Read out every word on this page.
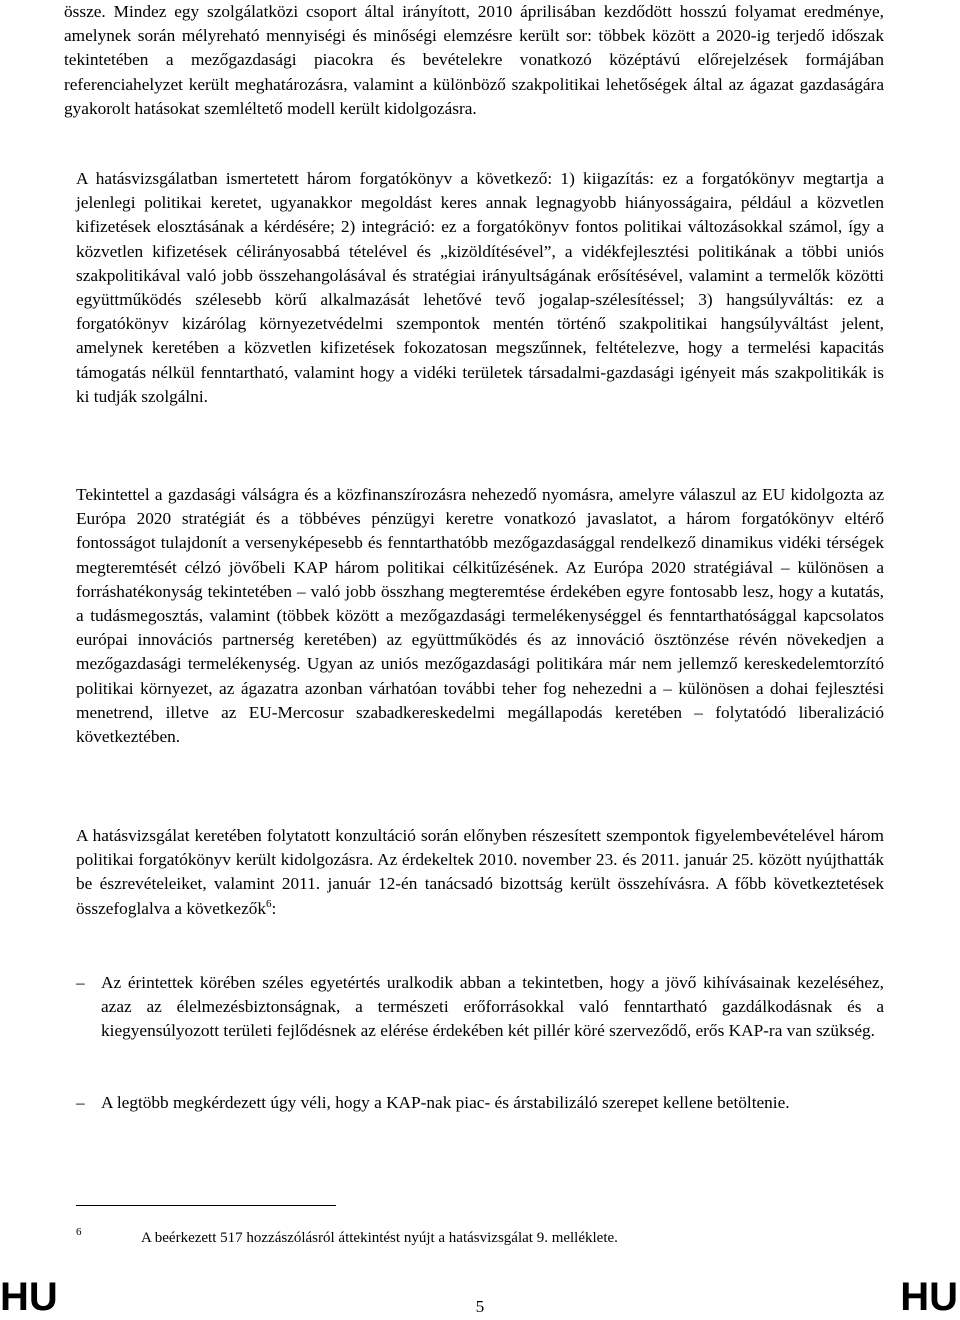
össze. Mindez egy szolgálatközi csoport által irányított, 2010 áprilisában kezdődött hosszú folyamat eredménye, amelynek során mélyreható mennyiségi és minőségi elemzésre került sor: többek között a 2020-ig terjedő időszak tekintetében a mezőgazdasági piacokra és bevételekre vonatkozó középtávú előrejelzések formájában referenciahelyzet került meghatározásra, valamint a különböző szakpolitikai lehetőségek által az ágazat gazdaságára gyakorolt hatásokat szemléltető modell került kidolgozásra.

A hatásvizsgálatban ismertetett három forgatókönyv a következő: 1) kiigazítás: ez a forgatókönyv megtartja a jelenlegi politikai keretet, ugyanakkor megoldást keres annak legnagyobb hiányosságaira, például a közvetlen kifizetések elosztásának a kérdésére; 2) integráció: ez a forgatókönyv fontos politikai változásokkal számol, így a közvetlen kifizetések célirányosabbá tételével és „kizöldítésével”, a vidékfejlesztési politikának a többi uniós szakpolitikával való jobb összehangolásával és stratégiai irányultságának erősítésével, valamint a termelők közötti együttműködés szélesebb körű alkalmazását lehetővé tevő jogalap-szélesítéssel; 3) hangsúlyváltás: ez a forgatókönyv kizárólag környezetvédelmi szempontok mentén történő szakpolitikai hangsúlyváltást jelent, amelynek keretében a közvetlen kifizetések fokozatosan megszűnnek, feltételezve, hogy a termelési kapacitás támogatás nélkül fenntartható, valamint hogy a vidéki területek társadalmi-gazdasági igényeit más szakpolitikák is ki tudják szolgálni.

Tekintettel a gazdasági válságra és a közfinanszírozásra nehezedő nyomásra, amelyre válaszul az EU kidolgozta az Európa 2020 stratégiát és a többéves pénzügyi keretre vonatkozó javaslatot, a három forgatókönyv eltérő fontosságot tulajdonít a versenyképesebb és fenntarthatóbb mezőgazdasággal rendelkező dinamikus vidéki térségek megteremtését célzó jövőbeli KAP három politikai célkitűzésének. Az Európa 2020 stratégiával – különösen a forráshatékonyság tekintetében – való jobb összhang megteremtése érdekében egyre fontosabb lesz, hogy a kutatás, a tudásmegosztás, valamint (többek között a mezőgazdasági termelékenységgel és fenntarthatósággal kapcsolatos európai innovációs partnerség keretében) az együttműködés és az innováció ösztönzése révén növekedjen a mezőgazdasági termelékenység. Ugyan az uniós mezőgazdasági politikára már nem jellemző kereskedelemtorzító politikai környezet, az ágazatra azonban várhatóan további teher fog nehezedni a – különösen a dohai fejlesztési menetrend, illetve az EU-Mercosur szabadkereskedelmi megállapodás keretében – folytatódó liberalizáció következtében.

A hatásvizsgálat keretében folytatott konzultáció során előnyben részesített szempontok figyelembevételével három politikai forgatókönyv került kidolgozásra. Az érdekeltek 2010. november 23. és 2011. január 25. között nyújthatták be észrevételeiket, valamint 2011. január 12-én tanácsadó bizottság került összehívásra. A főbb következtetések összefoglalva a következők$^6$:

– Az érintettek körében széles egyetértés uralkodik abban a tekintetben, hogy a jövő kihívásainak kezeléséhez, azaz az élelmezésbiztonságnak, a természeti erőforrásokkal való fenntartható gazdálkodásnak és a kiegyensúlyozott területi fejlődésnek az elérése érdekében két pillér köré szerveződő, erős KAP-ra van szükség.
– A legtöbb megkérdezett úgy véli, hogy a KAP-nak piac- és árstabilizáló szerepet kellene betöltenie.
6	A beérkezett 517 hozzászólásról áttekintést nyújt a hatásvizsgálat 9. melléklete.
HU	5	HU
